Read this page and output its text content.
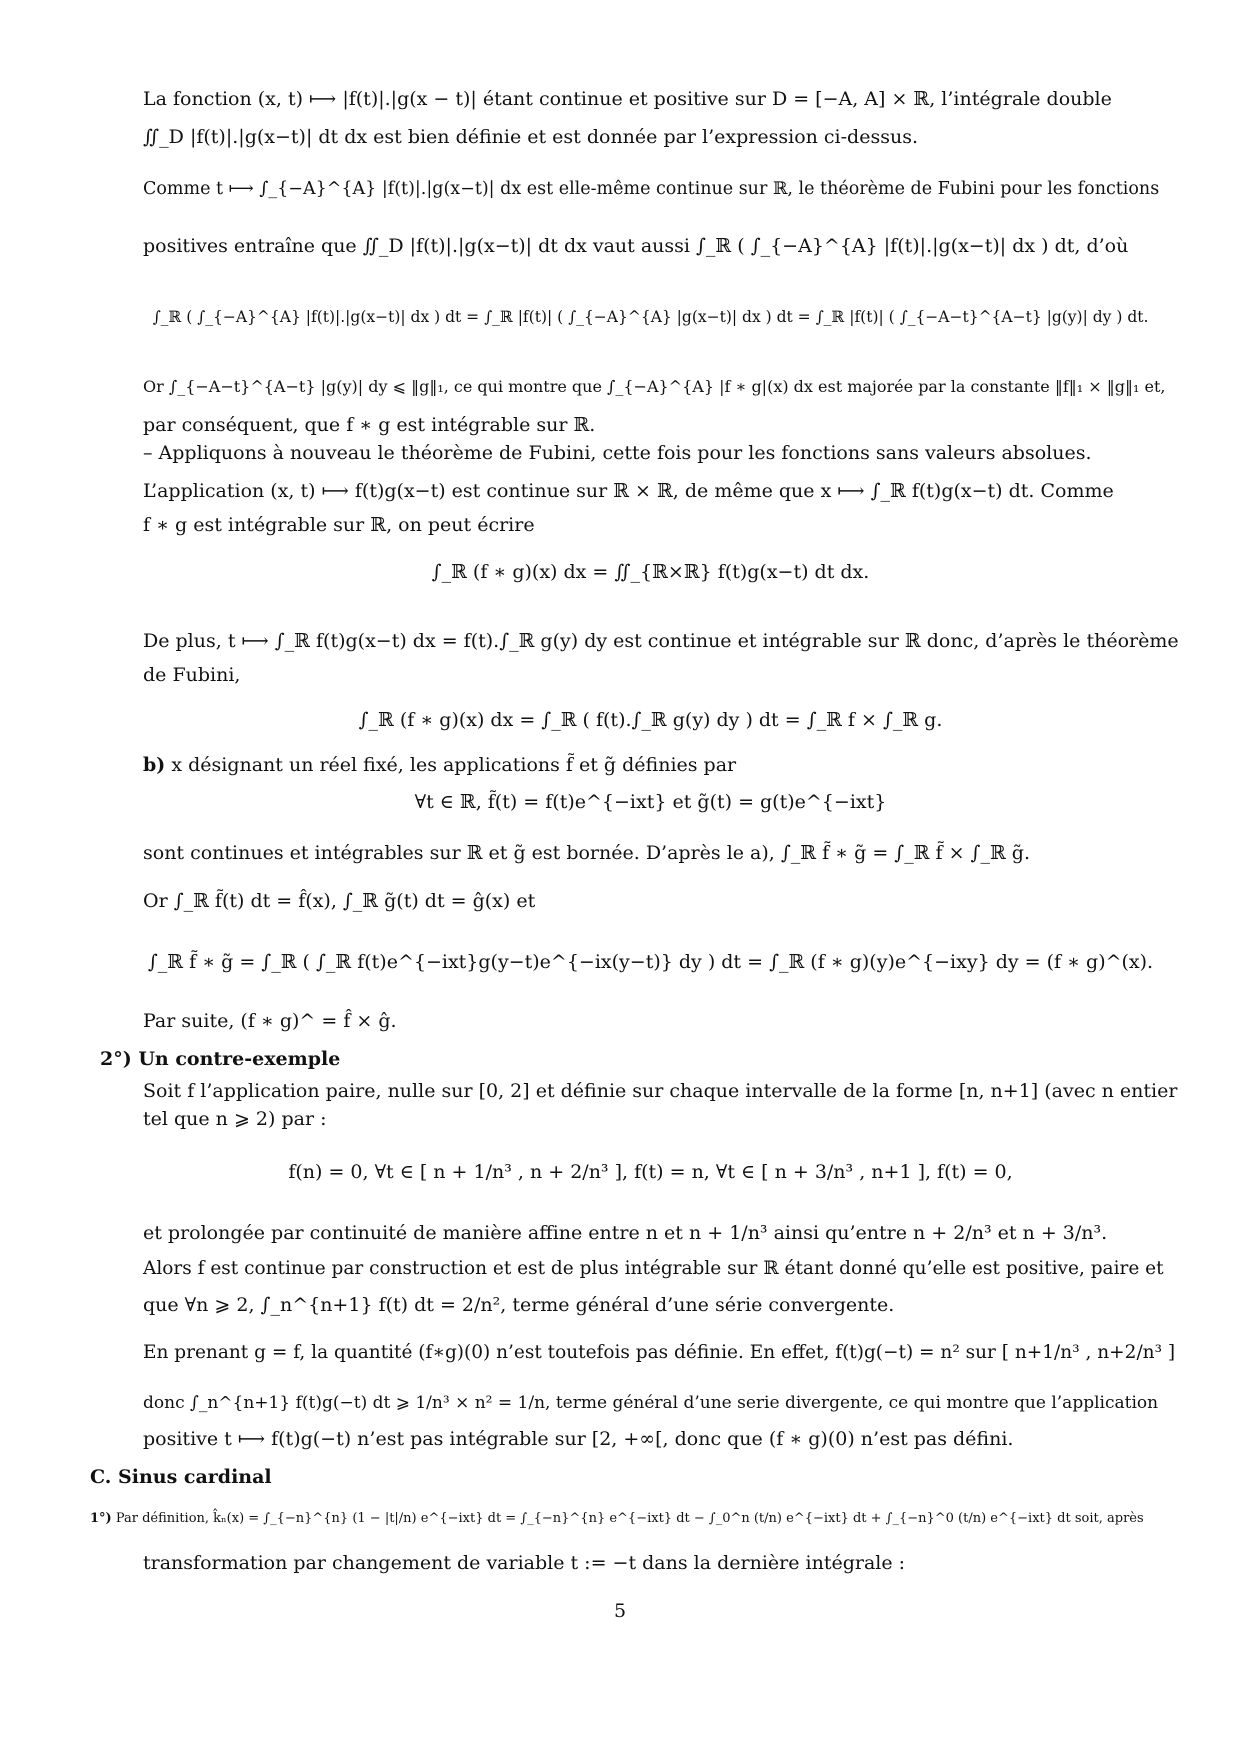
La fonction (x, t) ⟼ |f(t)|.|g(x − t)| étant continue et positive sur D = [−A, A] × ℝ, l’intégrale double
∬_D |f(t)|.|g(x−t)| dt dx est bien définie et est donnée par l’expression ci-dessus.
Comme t ⟼ ∫_{−A}^{A} |f(t)|.|g(x−t)| dx est elle-même continue sur ℝ, le théorème de Fubini pour les fonctions
positives entraîne que ∬_D |f(t)|.|g(x−t)| dt dx vaut aussi ∫_ℝ ( ∫_{−A}^{A} |f(t)|.|g(x−t)| dx ) dt, d’où
∫_ℝ ( ∫_{−A}^{A} |f(t)|.|g(x−t)| dx ) dt = ∫_ℝ |f(t)| ( ∫_{−A}^{A} |g(x−t)| dx ) dt = ∫_ℝ |f(t)| ( ∫_{−A−t}^{A−t} |g(y)| dy ) dt.
Or ∫_{−A−t}^{A−t} |g(y)| dy ⩽ ‖g‖₁, ce qui montre que ∫_{−A}^{A} |f ∗ g|(x) dx est majorée par la constante ‖f‖₁ × ‖g‖₁ et,
par conséquent, que f ∗ g est intégrable sur ℝ.
– Appliquons à nouveau le théorème de Fubini, cette fois pour les fonctions sans valeurs absolues.
L’application (x, t) ⟼ f(t)g(x−t) est continue sur ℝ × ℝ, de même que x ⟼ ∫_ℝ f(t)g(x−t) dt. Comme
f ∗ g est intégrable sur ℝ, on peut écrire
∫_ℝ (f ∗ g)(x) dx = ∬_{ℝ×ℝ} f(t)g(x−t) dt dx.
De plus, t ⟼ ∫_ℝ f(t)g(x−t) dx = f(t).∫_ℝ g(y) dy est continue et intégrable sur ℝ donc, d’après le théorème
de Fubini,
∫_ℝ (f ∗ g)(x) dx = ∫_ℝ ( f(t).∫_ℝ g(y) dy ) dt = ∫_ℝ f × ∫_ℝ g.
b) x désignant un réel fixé, les applications f̃ et g̃ définies par
∀t ∈ ℝ, f̃(t) = f(t)e^{−ixt} et g̃(t) = g(t)e^{−ixt}
sont continues et intégrables sur ℝ et g̃ est bornée. D’après le a), ∫_ℝ f̃ ∗ g̃ = ∫_ℝ f̃ × ∫_ℝ g̃.
Or ∫_ℝ f̃(t) dt = f̂(x), ∫_ℝ g̃(t) dt = ĝ(x) et
∫_ℝ f̃ ∗ g̃ = ∫_ℝ ( ∫_ℝ f(t)e^{−ixt}g(y−t)e^{−ix(y−t)} dy ) dt = ∫_ℝ (f ∗ g)(y)e^{−ixy} dy = (f ∗ g)^(x).
Par suite, (f ∗ g)^ = f̂ × ĝ.
2°) Un contre-exemple
Soit f l’application paire, nulle sur [0, 2] et définie sur chaque intervalle de la forme [n, n+1] (avec n entier
tel que n ⩾ 2) par :
f(n) = 0, ∀t ∈ [ n + 1/n³ , n + 2/n³ ], f(t) = n, ∀t ∈ [ n + 3/n³ , n+1 ], f(t) = 0,
et prolongée par continuité de manière affine entre n et n + 1/n³ ainsi qu’entre n + 2/n³ et n + 3/n³.
Alors f est continue par construction et est de plus intégrable sur ℝ étant donné qu’elle est positive, paire et
que ∀n ⩾ 2, ∫_n^{n+1} f(t) dt = 2/n², terme général d’une série convergente.
En prenant g = f, la quantité (f∗g)(0) n’est toutefois pas définie. En effet, f(t)g(−t) = n² sur [ n+1/n³ , n+2/n³ ]
donc ∫_n^{n+1} f(t)g(−t) dt ⩾ 1/n³ × n² = 1/n, terme général d’une serie divergente, ce qui montre que l’application
positive t ⟼ f(t)g(−t) n’est pas intégrable sur [2, +∞[, donc que (f ∗ g)(0) n’est pas défini.
C. Sinus cardinal
1°) Par définition, k̂ₙ(x) = ∫_{−n}^{n} (1 − |t|/n) e^{−ixt} dt = ∫_{−n}^{n} e^{−ixt} dt − ∫_0^n (t/n) e^{−ixt} dt + ∫_{−n}^0 (t/n) e^{−ixt} dt soit, après
transformation par changement de variable t := −t dans la dernière intégrale :
5
